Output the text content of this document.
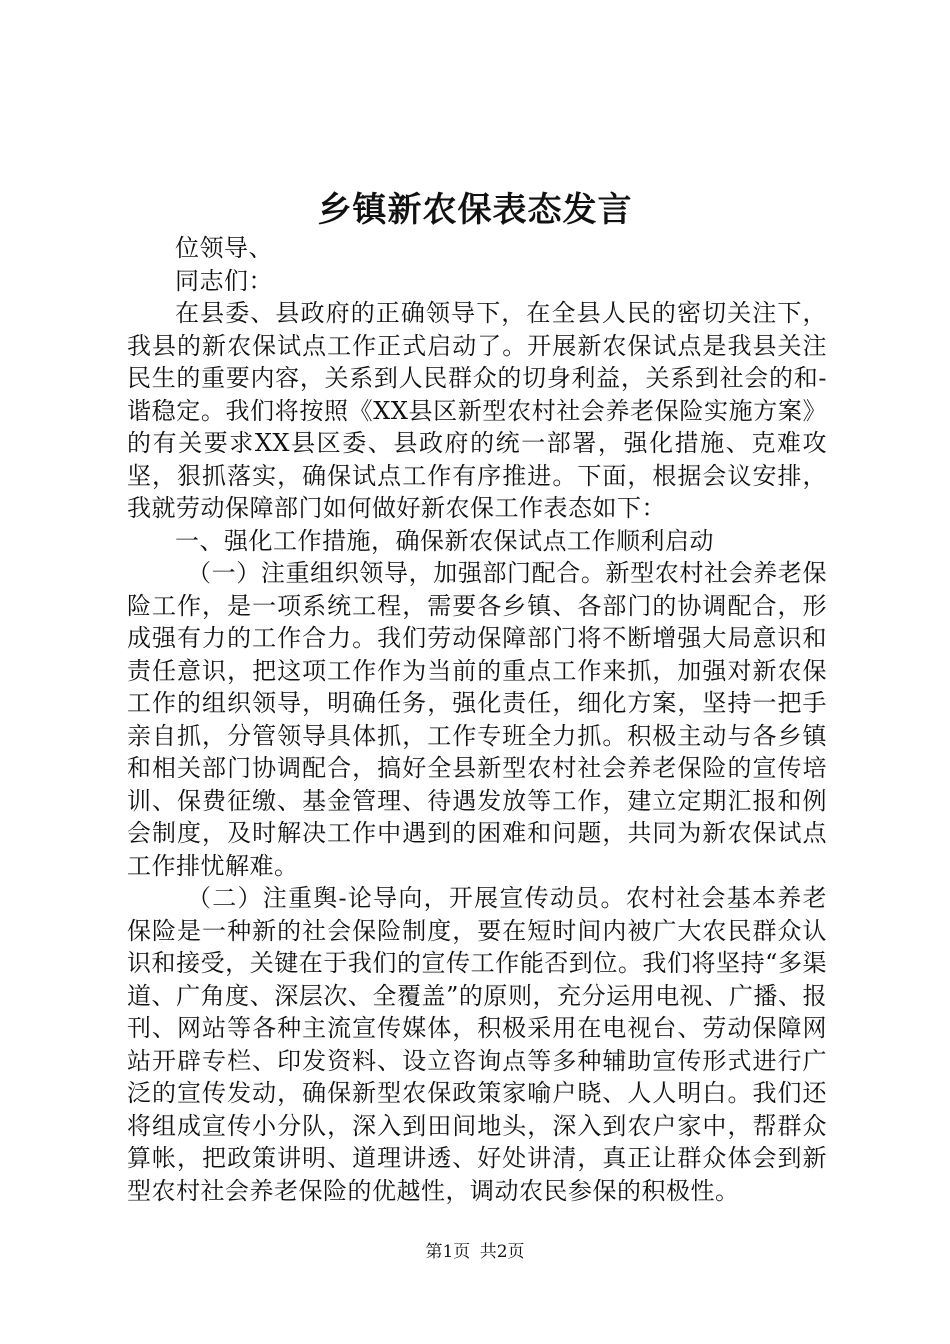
乡镇新农保表态发言

位领导、

同志们：

在县委、县政府的正确领导下，在全县人民的密切关注下，我县的新农保试点工作正式启动了。开展新农保试点是我县关注民生的重要内容，关系到人民群众的切身利益，关系到社会的和-谐稳定。我们将按照《XX县区新型农村社会养老保险实施方案》的有关要求XX县区委、县政府的统一部署，强化措施、克难攻坚，狠抓落实，确保试点工作有序推进。下面，根据会议安排，我就劳动保障部门如何做好新农保工作表态如下：

一、强化工作措施，确保新农保试点工作顺利启动

（一）注重组织领导，加强部门配合。新型农村社会养老保险工作，是一项系统工程，需要各乡镇、各部门的协调配合，形成强有力的工作合力。我们劳动保障部门将不断增强大局意识和责任意识，把这项工作作为当前的重点工作来抓，加强对新农保工作的组织领导，明确任务，强化责任，细化方案，坚持一把手亲自抓，分管领导具体抓，工作专班全力抓。积极主动与各乡镇和相关部门协调配合，搞好全县新型农村社会养老保险的宣传培训、保费征缴、基金管理、待遇发放等工作，建立定期汇报和例会制度，及时解决工作中遇到的困难和问题，共同为新农保试点工作排忧解难。

（二）注重舆-论导向，开展宣传动员。农村社会基本养老保险是一种新的社会保险制度，要在短时间内被广大农民群众认识和接受，关键在于我们的宣传工作能否到位。我们将坚持“多渠道、广角度、深层次、全覆盖”的原则，充分运用电视、广播、报刊、网站等各种主流宣传媒体，积极采用在电视台、劳动保障网站开辟专栏、印发资料、设立咨询点等多种辅助宣传形式进行广泛的宣传发动，确保新型农保政策家喻户晓、人人明白。我们还将组成宣传小分队，深入到田间地头，深入到农户家中，帮群众算帐，把政策讲明、道理讲透、好处讲清，真正让群众体会到新型农村社会养老保险的优越性，调动农民参保的积极性。

第1页 共2页
